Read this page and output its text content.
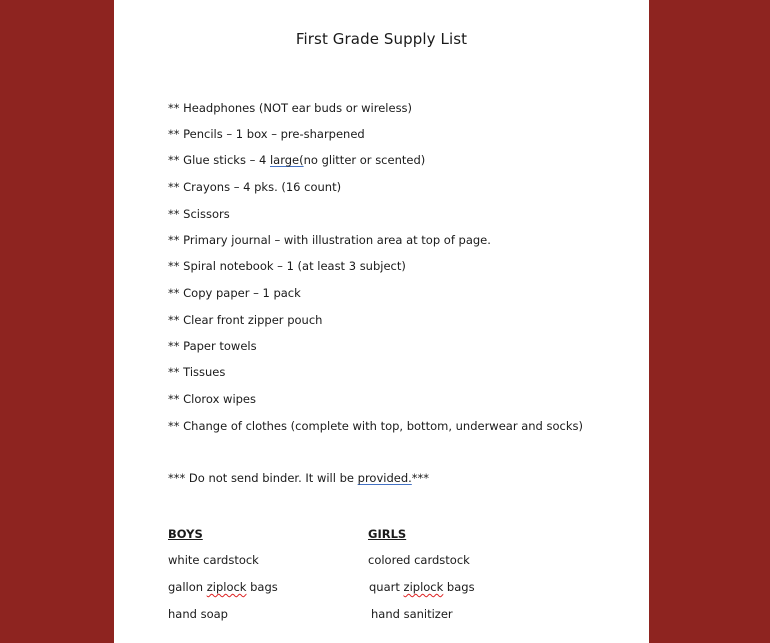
First Grade Supply List
** Headphones (NOT ear buds or wireless)
** Pencils – 1 box – pre-sharpened
** Glue sticks – 4 large(no glitter or scented)
** Crayons – 4 pks. (16 count)
** Scissors
** Primary journal – with illustration area at top of page.
** Spiral notebook – 1 (at least 3 subject)
** Copy paper – 1 pack
** Clear front zipper pouch
** Paper towels
** Tissues
** Clorox wipes
** Change of clothes (complete with top, bottom, underwear and socks)
*** Do not send binder. It will be provided.***
BOYS
white cardstock
gallon ziplock bags
hand soap
GIRLS
colored cardstock
quart ziplock bags
hand sanitizer
